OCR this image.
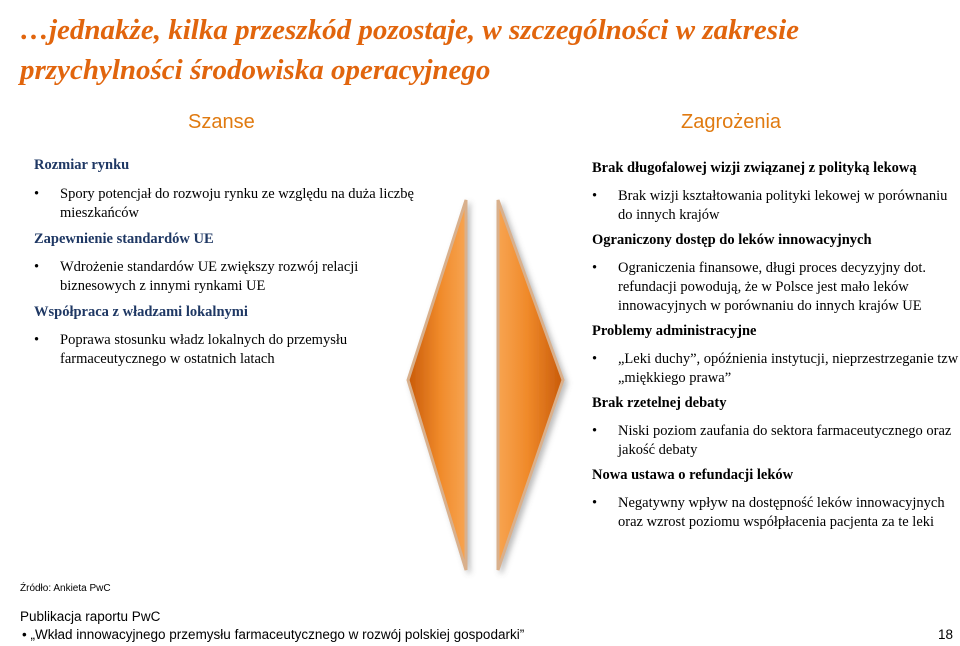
…jednakże, kilka przeszkód pozostaje, w szczególności w zakresie przychylności środowiska operacyjnego
Szanse	Zagrożenia

Rozmiar rynku

• Spory potencjał do rozwoju rynku ze względu na duża liczbę mieszkańców

Zapewnienie standardów UE

• Wdrożenie standardów UE zwiększy rozwój relacji biznesowych z innymi rynkami UE

Współpraca z władzami lokalnymi

• Poprawa stosunku władz lokalnych do przemysłu farmaceutycznego w ostatnich latach

Brak długofalowej wizji związanej z polityką lekową

• Brak wizji kształtowania polityki lekowej w porównaniu do innych krajów

Ograniczony dostęp do leków innowacyjnych

• Ograniczenia finansowe, długi proces decyzyjny dot. refundacji powodują, że w Polsce jest mało leków innowacyjnych w porównaniu do innych krajów UE

Problemy administracyjne

• „Leki duchy”, opóźnienia instytucji, nieprzestrzeganie tzw „miękkiego prawa”

Brak rzetelnej debaty

• Niski poziom zaufania do sektora farmaceutycznego oraz jakość debaty

Nowa ustawa o refundacji leków

• Negatywny wpływ na dostępność leków innowacyjnych oraz wzrost poziomu współpłacenia pacjenta za te leki
Źródło: Ankieta PwC
Publikacja raportu PwC
• „Wkład innowacyjnego przemysłu farmaceutycznego w rozwój polskiej gospodarki”	18
